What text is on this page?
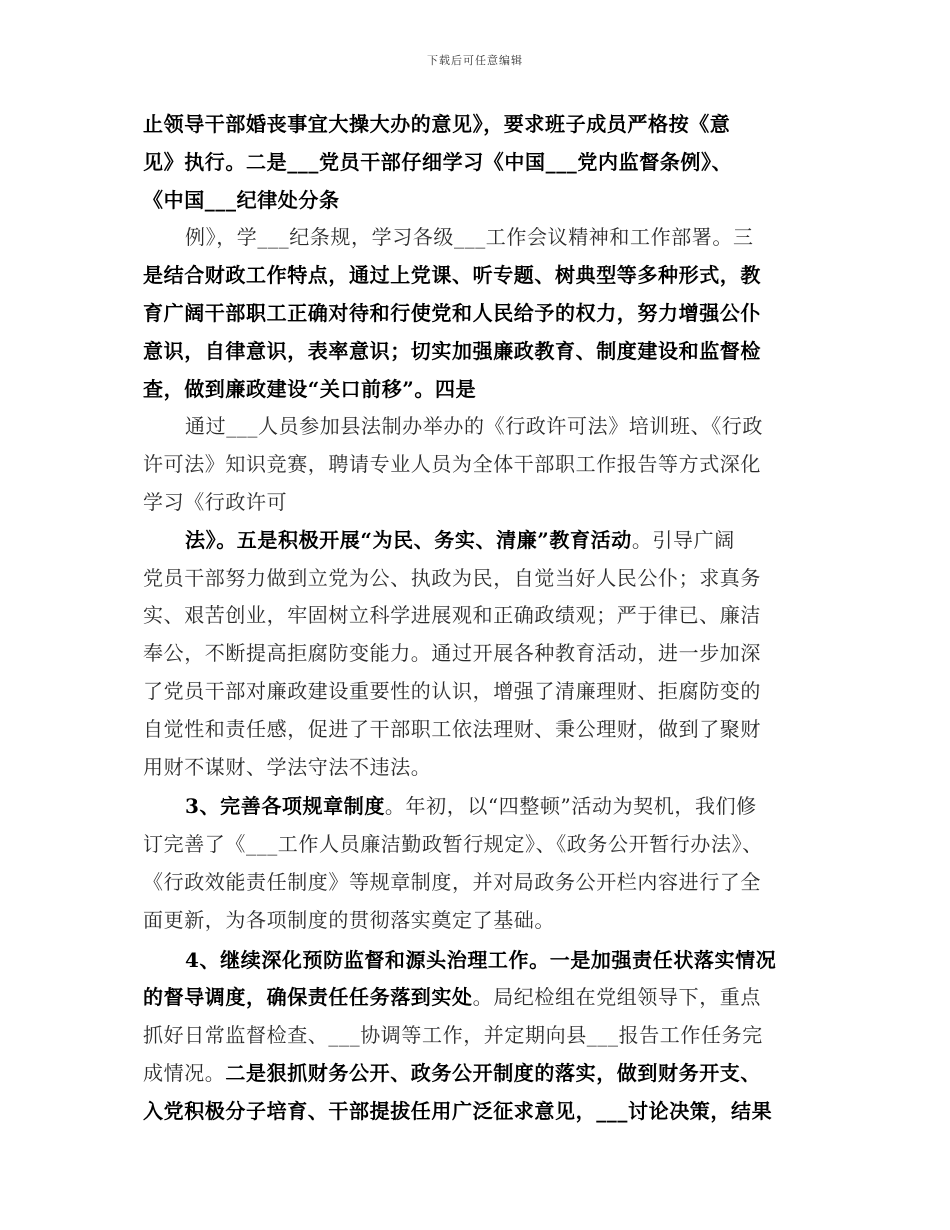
下载后可任意编辑
止领导干部婚丧事宜大操大办的意见》，要求班子成员严格按《意
见》执行。二是___党员干部仔细学习《中国___党内监督条例》、
《中国___纪律处分条
例》，学___纪条规，学习各级___工作会议精神和工作部署。三
是结合财政工作特点，通过上党课、听专题、树典型等多种形式，教
育广阔干部职工正确对待和行使党和人民给予的权力，努力增强公仆
意识，自律意识，表率意识；切实加强廉政教育、制度建设和监督检
查，做到廉政建设“关口前移”。四是
通过___人员参加县法制办举办的《行政许可法》培训班、《行政
许可法》知识竞赛，聘请专业人员为全体干部职工作报告等方式深化
学习《行政许可
法》。五是积极开展“为民、务实、清廉”教育活动。引导广阔
党员干部努力做到立党为公、执政为民，自觉当好人民公仆；求真务
实、艰苦创业，牢固树立科学进展观和正确政绩观；严于律已、廉洁
奉公，不断提高拒腐防变能力。通过开展各种教育活动，进一步加深
了党员干部对廉政建设重要性的认识，增强了清廉理财、拒腐防变的
自觉性和责任感，促进了干部职工依法理财、秉公理财，做到了聚财
用财不谋财、学法守法不违法。
3、完善各项规章制度。年初，以“四整顿”活动为契机，我们修
订完善了《___工作人员廉洁勤政暂行规定》、《政务公开暂行办法》、
《行政效能责任制度》等规章制度，并对局政务公开栏内容进行了全
面更新，为各项制度的贯彻落实奠定了基础。
4、继续深化预防监督和源头治理工作。一是加强责任状落实情况
的督导调度，确保责任任务落到实处。局纪检组在党组领导下，重点
抓好日常监督检查、___协调等工作，并定期向县___报告工作任务完
成情况。二是狠抓财务公开、政务公开制度的落实，做到财务开支、
入党积极分子培育、干部提拔任用广泛征求意见，___讨论决策，结果
